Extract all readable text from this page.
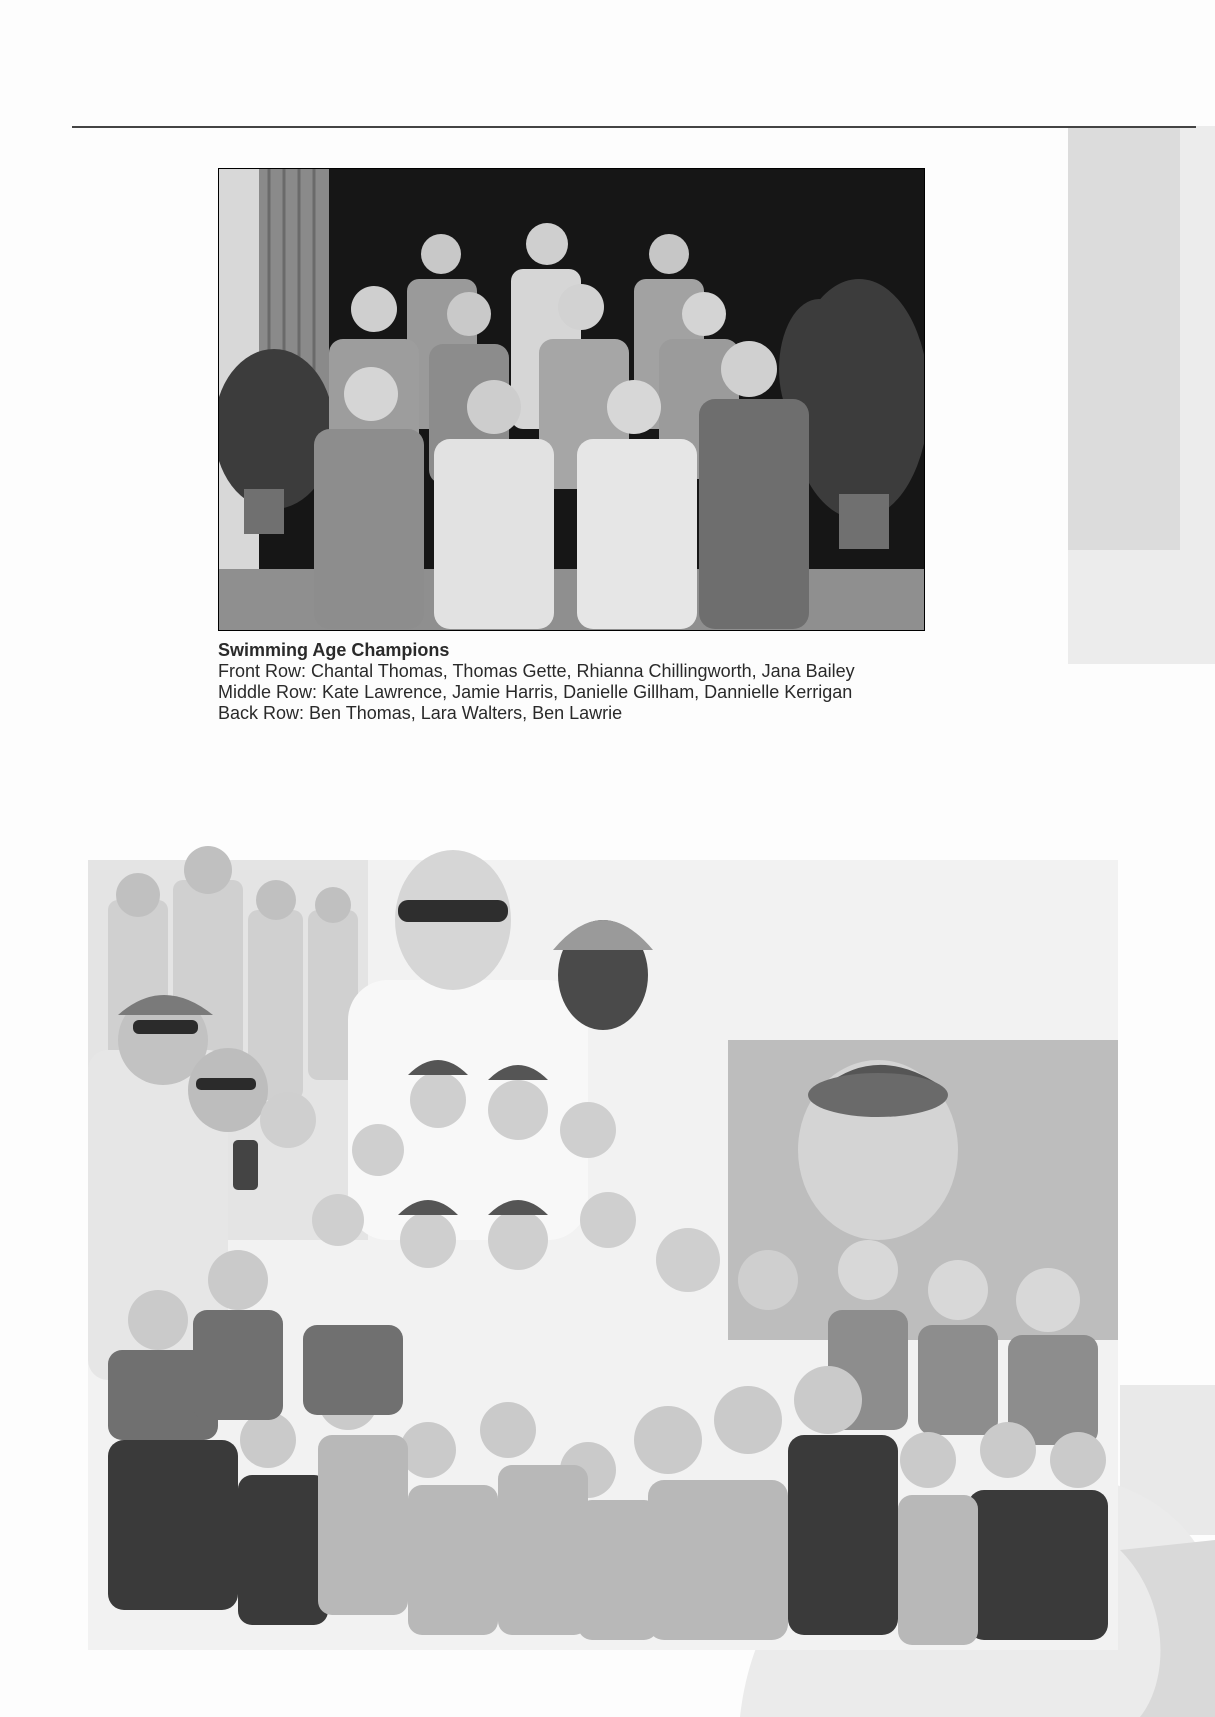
Swimming Age Champions
Front Row: Chantal Thomas, Thomas Gette, Rhianna Chillingworth, Jana Bailey
Middle Row: Kate Lawrence, Jamie Harris, Danielle Gillham, Dannielle Kerrigan
Back Row: Ben Thomas, Lara Walters, Ben Lawrie
